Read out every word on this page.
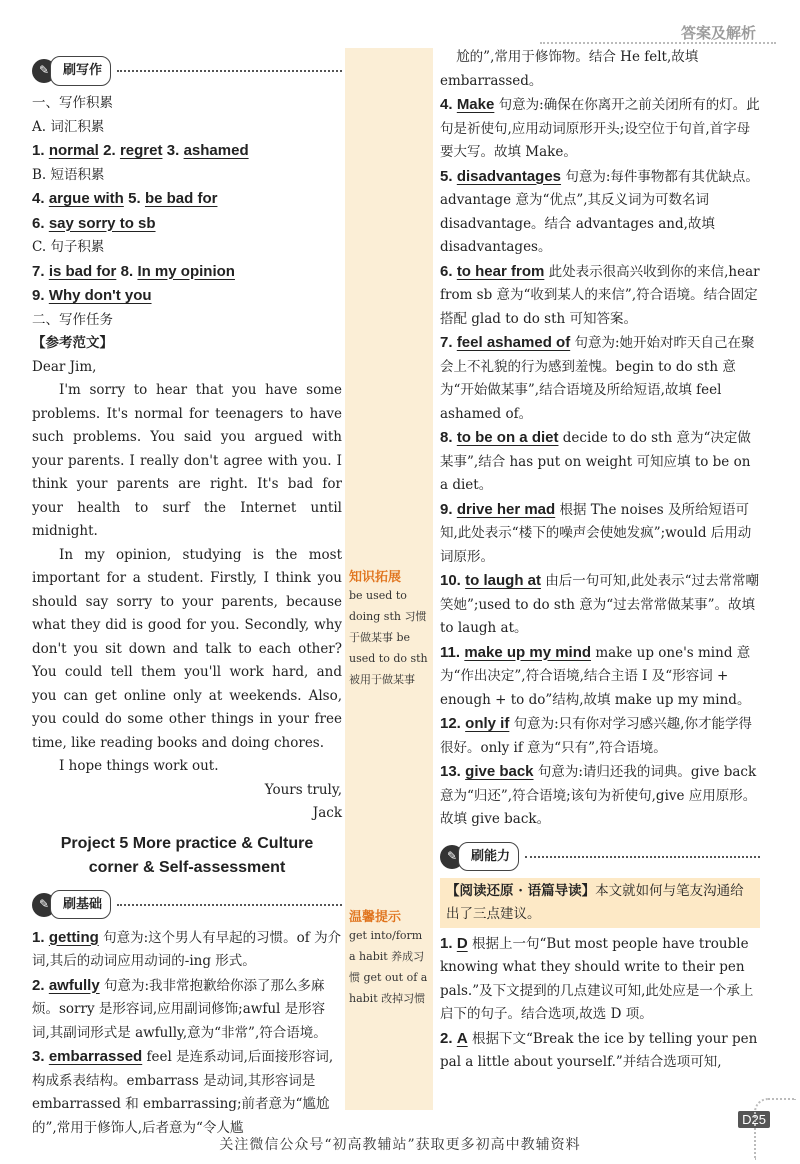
答案及解析
知识拓展
be used to doing sth 习惯于做某事 be used to do sth 被用于做某事
温馨提示
get into/form a habit 养成习惯 get out of a habit 改掉习惯
✎	刷写作

一、写作积累

A. 词汇积累

1. normal 2. regret 3. ashamed

B. 短语积累

4. argue with 5. be bad for

6. say sorry to sb

C. 句子积累

7. is bad for 8. In my opinion

9. Why don't you

二、写作任务

【参考范文】

Dear Jim,

I'm sorry to hear that you have some problems. It's normal for teenagers to have such problems. You said you argued with your parents. I really don't agree with you. I think your parents are right. It's bad for your health to surf the Internet until midnight.

In my opinion, studying is the most important for a student. Firstly, I think you should say sorry to your parents, because what they did is good for you. Secondly, why don't you sit down and talk to each other? You could tell them you'll work hard, and you can get online only at weekends. Also, you could do some other things in your free time, like reading books and doing chores.

I hope things work out.

Yours truly,

Jack

Project 5 More practice & Culture
corner & Self-assessment
✎	刷基础

1. getting 句意为:这个男人有早起的习惯。of 为介词,其后的动词应用动词的-ing 形式。

2. awfully 句意为:我非常抱歉给你添了那么多麻烦。sorry 是形容词,应用副词修饰;awful 是形容词,其副词形式是 awfully,意为“非常”,符合语境。

3. embarrassed feel 是连系动词,后面接形容词,构成系表结构。embarrass 是动词,其形容词是 embarrassed 和 embarrassing;前者意为“尴尬的”,常用于修饰人,后者意为“令人尴

尬的”,常用于修饰物。结合 He felt,故填 embarrassed。

4. Make 句意为:确保在你离开之前关闭所有的灯。此句是祈使句,应用动词原形开头;设空位于句首,首字母要大写。故填 Make。

5. disadvantages 句意为:每件事物都有其优缺点。advantage 意为“优点”,其反义词为可数名词 disadvantage。结合 advantages and,故填 disadvantages。

6. to hear from 此处表示很高兴收到你的来信,hear from sb 意为“收到某人的来信”,符合语境。结合固定搭配 glad to do sth 可知答案。

7. feel ashamed of 句意为:她开始对昨天自己在聚会上不礼貌的行为感到羞愧。begin to do sth 意为“开始做某事”,结合语境及所给短语,故填 feel ashamed of。

8. to be on a diet decide to do sth 意为“决定做某事”,结合 has put on weight 可知应填 to be on a diet。

9. drive her mad 根据 The noises 及所给短语可知,此处表示“楼下的噪声会使她发疯”;would 后用动词原形。

10. to laugh at 由后一句可知,此处表示“过去常常嘲笑她”;used to do sth 意为“过去常常做某事”。故填 to laugh at。

11. make up my mind make up one's mind 意为“作出决定”,符合语境,结合主语 I 及“形容词 + enough + to do”结构,故填 make up my mind。

12. only if 句意为:只有你对学习感兴趣,你才能学得很好。only if 意为“只有”,符合语境。

13. give back 句意为:请归还我的词典。give back 意为“归还”,符合语境;该句为祈使句,give 应用原形。故填 give back。

✎	刷能力
【阅读还原 · 语篇导读】本文就如何与笔友沟通给出了三点建议。

1. D 根据上一句“But most people have trouble knowing what they should write to their pen pals.”及下文提到的几点建议可知,此处应是一个承上启下的句子。结合选项,故选 D 项。

2. A 根据下文“Break the ice by telling your pen pal a little about yourself.”并结合选项可知,

D25
关注微信公众号“初高教辅站”获取更多初高中教辅资料
